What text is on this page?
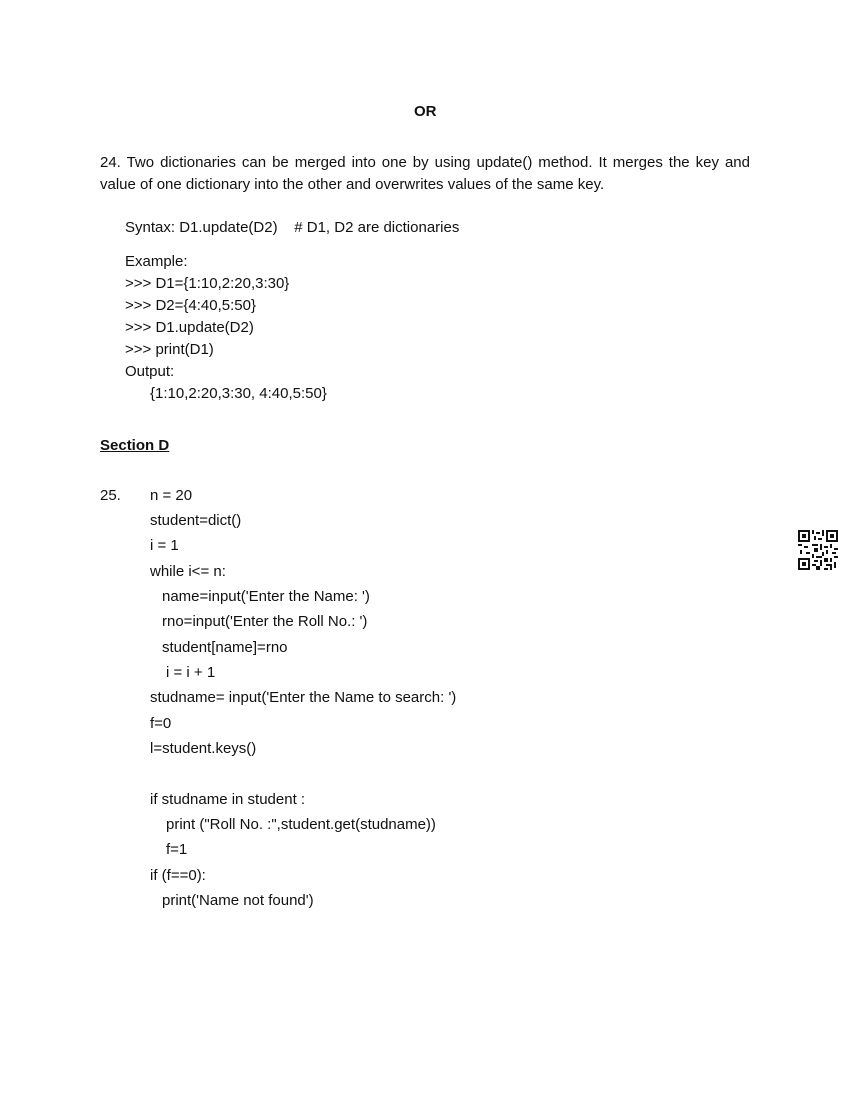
OR
24. Two dictionaries can be merged into one by using update() method. It merges the key and value of one dictionary into the other and overwrites values of the same key.
Syntax: D1.update(D2)    # D1, D2 are dictionaries
Example:
>>> D1={1:10,2:20,3:30}
>>> D2={4:40,5:50}
>>> D1.update(D2)
>>> print(D1)
Output:
{1:10,2:20,3:30, 4:40,5:50}
Section D
25. n = 20
student=dict()
i = 1
while i<= n:
name=input('Enter the Name: ')
rno=input('Enter the Roll No.: ')
student[name]=rno
i = i + 1
studname= input('Enter the Name to search: ')
f=0
l=student.keys()
if studname in student :
print ("Roll No. :",student.get(studname))
f=1
if (f==0):
print('Name not found')
